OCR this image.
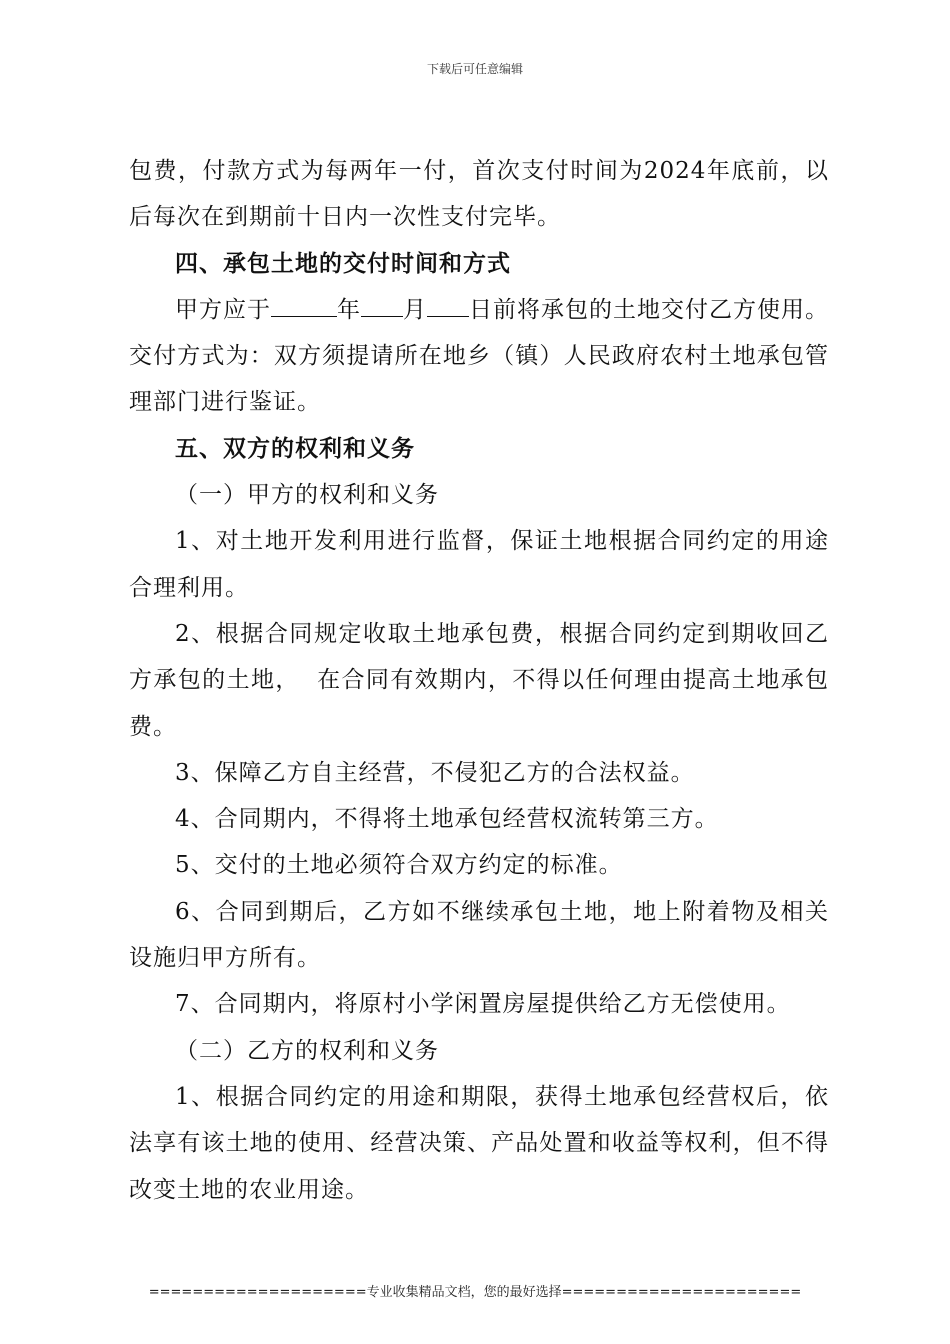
下载后可任意编辑

包费，付款方式为每两年一付，首次支付时间为2024年底前，以后每次在到期前十日内一次性支付完毕。

四、承包土地的交付时间和方式

甲方应于	年 月 日前将承包的土地交付乙方使用。交付方式为：双方须提请所在地乡（镇）人民政府农村土地承包管理部门进行鉴证。

五、双方的权利和义务

（一）甲方的权利和义务

1、对土地开发利用进行监督，保证土地根据合同约定的用途合理利用。

2、根据合同规定收取土地承包费，根据合同约定到期收回乙方承包的土地，  在合同有效期内，不得以任何理由提高土地承包费。

3、保障乙方自主经营，不侵犯乙方的合法权益。

4、合同期内，不得将土地承包经营权流转第三方。

5、交付的土地必须符合双方约定的标准。

6、合同到期后，乙方如不继续承包土地，地上附着物及相关设施归甲方所有。

7、合同期内，将原村小学闲置房屋提供给乙方无偿使用。

（二）乙方的权利和义务

1、根据合同约定的用途和期限，获得土地承包经营权后，依法享有该土地的使用、经营决策、产品处置和收益等权利，但不得改变土地的农业用途。

====================专业收集精品文档，您的最好选择======================
